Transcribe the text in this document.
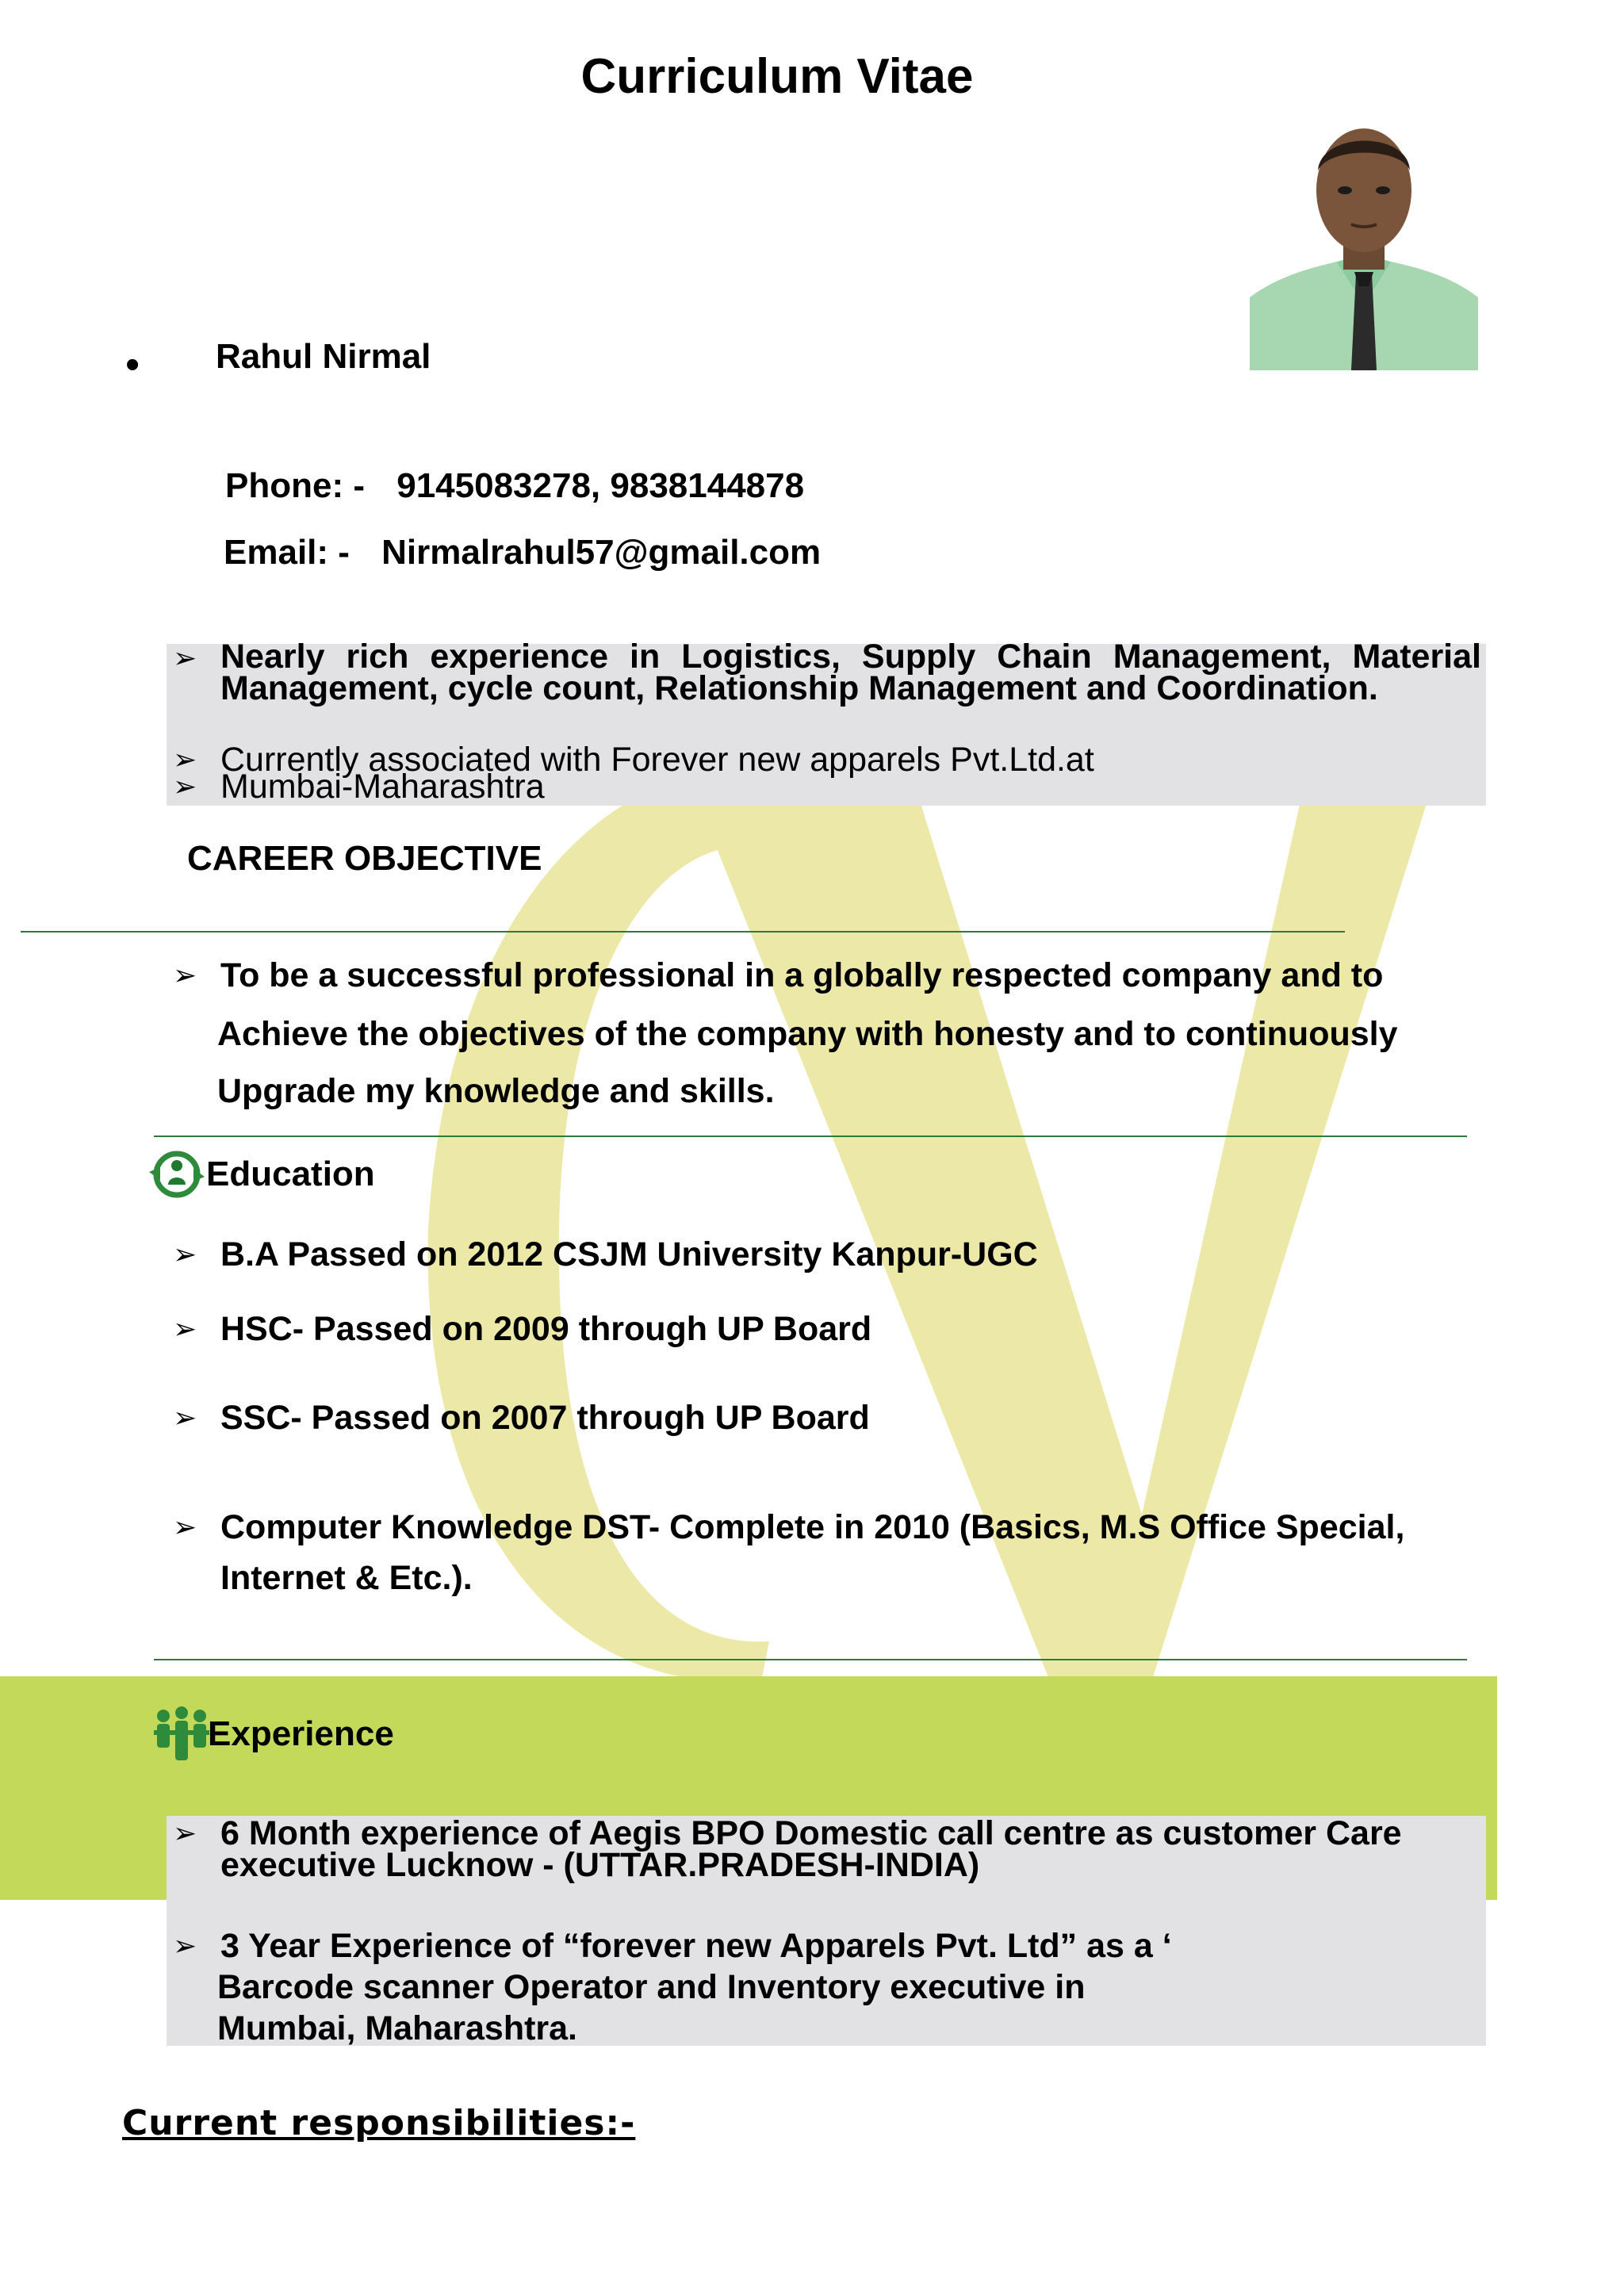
Curriculum Vitae
• Rahul Nirmal
Phone: - 9145083278, 9838144878
Email: - Nirmalrahul57@gmail.com
➢ Nearly rich experience in Logistics, Supply Chain Management, Material Management, cycle count, Relationship Management and Coordination.
➢ Currently associated with Forever new apparels Pvt.Ltd.at
➢ Mumbai-Maharashtra
CAREER OBJECTIVE
➢ To be a successful professional in a globally respected company and to
Achieve the objectives of the company with honesty and to continuously
Upgrade my knowledge and skills.
Education
➢ B.A Passed on 2012 CSJM University Kanpur-UGC
➢ HSC- Passed on 2009 through UP Board
➢ SSC- Passed on 2007 through UP Board
➢ Computer Knowledge DST- Complete in 2010 (Basics, M.S Office Special,
Internet & Etc.).
Experience
➢ 6 Month experience of Aegis BPO Domestic call centre as customer Care
executive Lucknow - (UTTAR.PRADESH-INDIA)
➢ 3 Year Experience of “forever new Apparels Pvt. Ltd” as a ‘
Barcode scanner Operator and Inventory executive in
Mumbai, Maharashtra.
Current responsibilities:-
